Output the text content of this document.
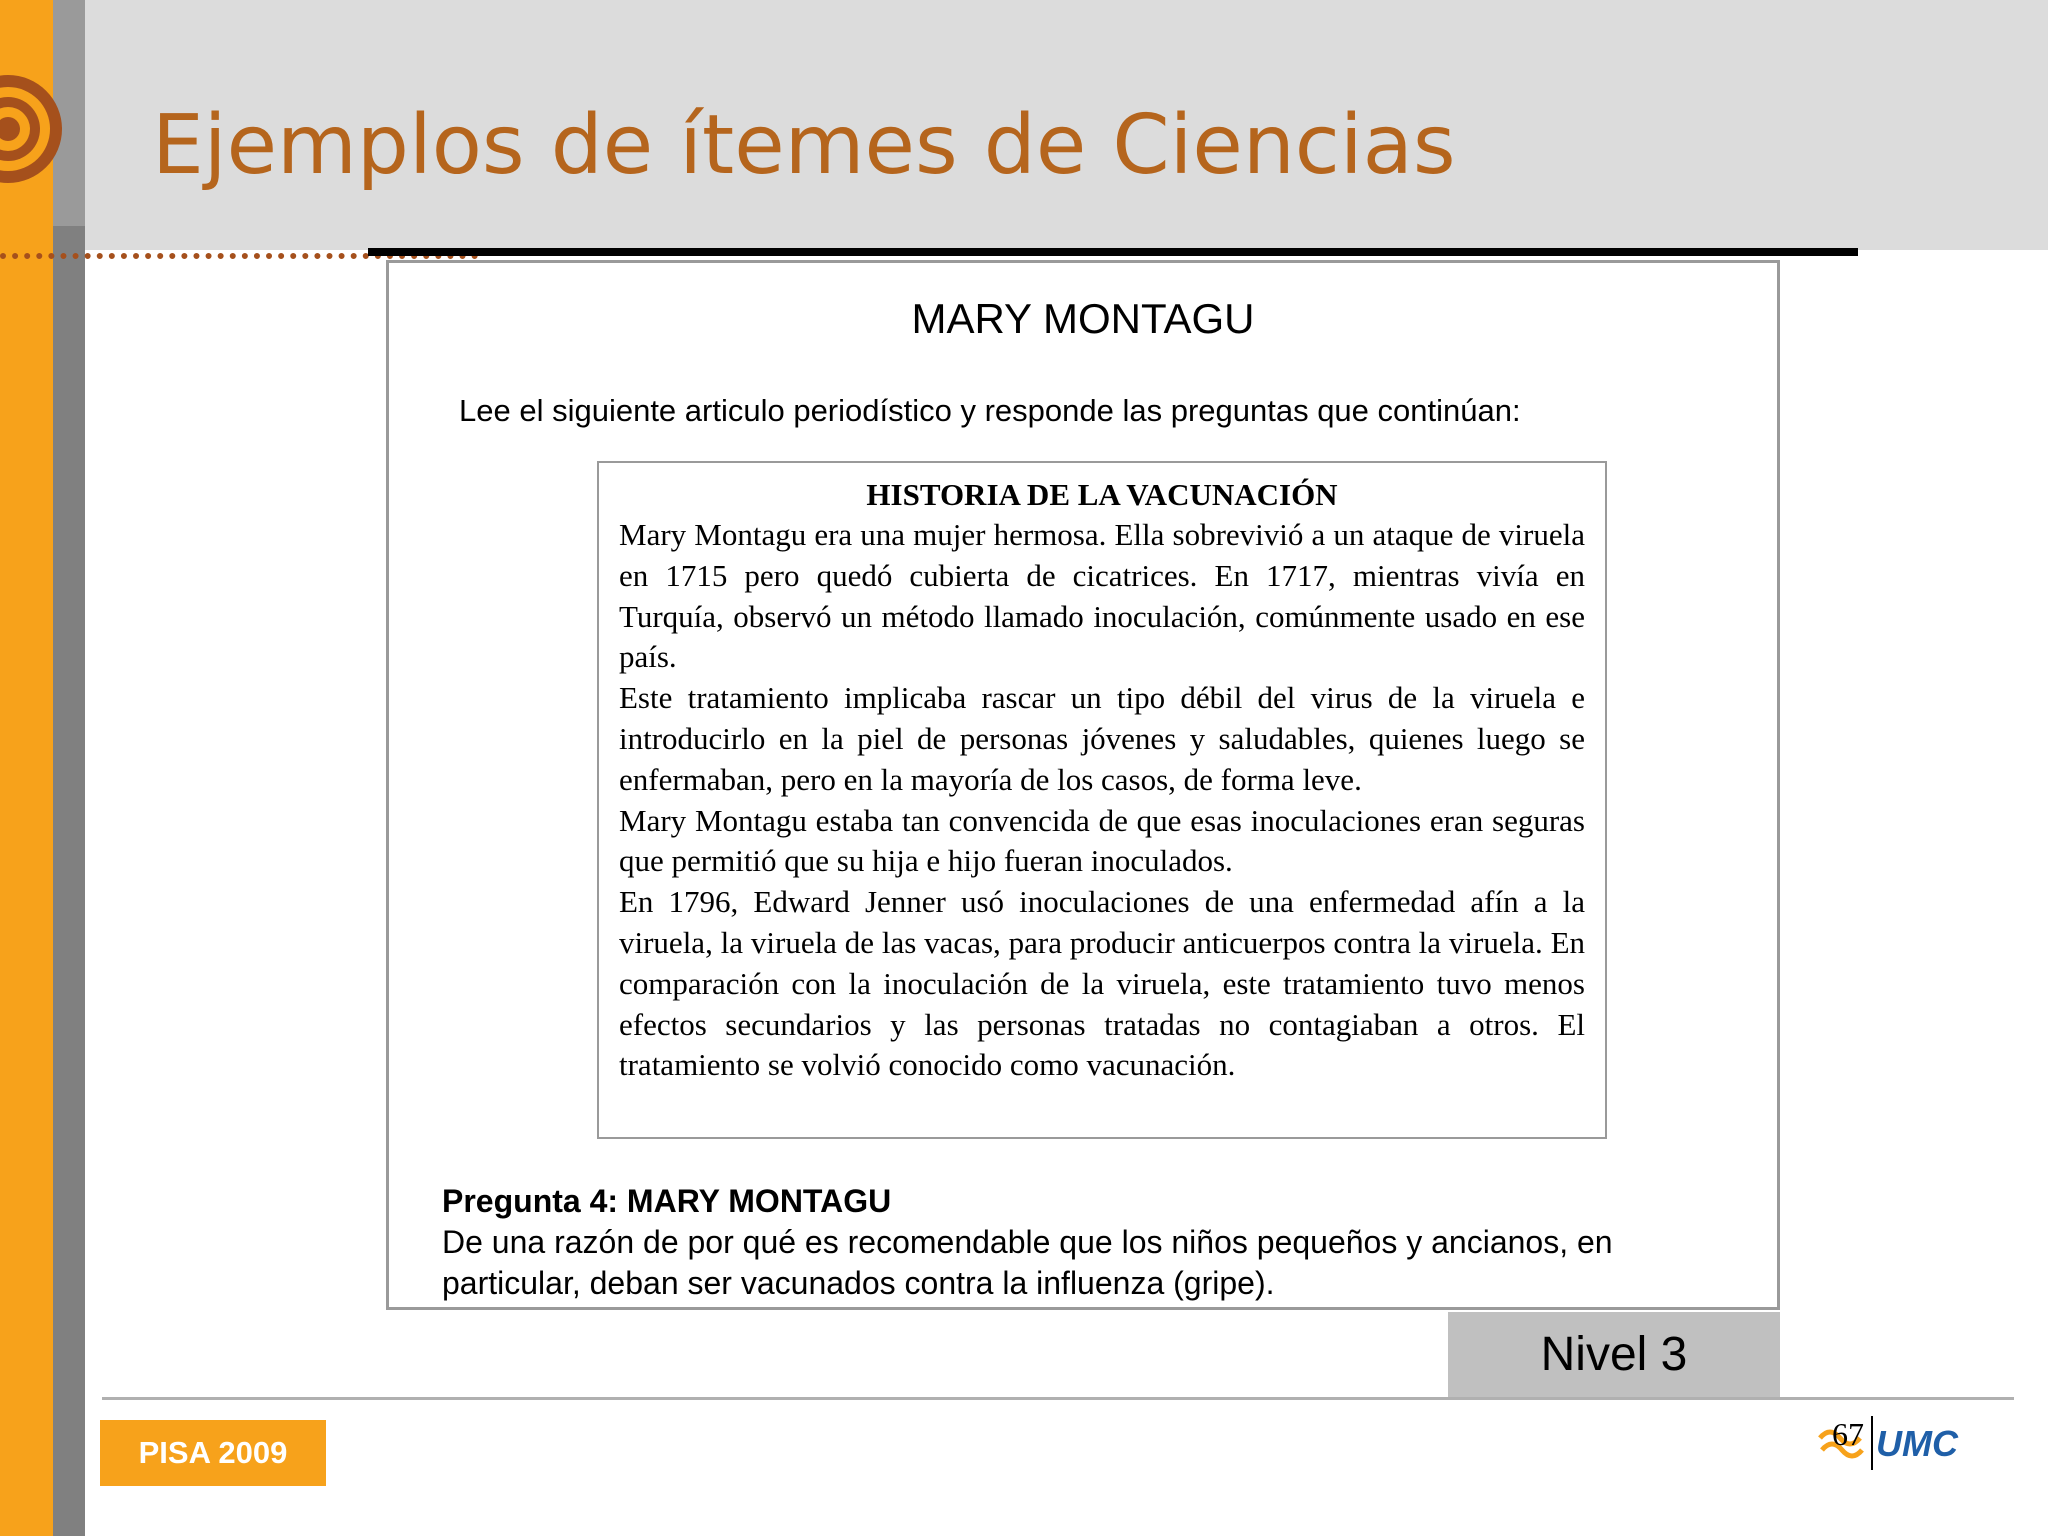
Ejemplos de ítemes de Ciencias
MARY MONTAGU
Lee el siguiente articulo periodístico y responde las preguntas que continúan:
HISTORIA DE LA VACUNACIÓN

Mary Montagu era una mujer hermosa. Ella sobrevivió a un ataque de viruela en 1715 pero quedó cubierta de cicatrices. En 1717, mientras vivía en Turquía, observó un método llamado inoculación, comúnmente usado en ese país.

Este tratamiento implicaba rascar un tipo débil del virus de la viruela e introducirlo en la piel de personas jóvenes y saludables, quienes luego se enfermaban, pero en la mayoría de los casos, de forma leve.

Mary Montagu estaba tan convencida de que esas inoculaciones eran seguras que permitió que su hija e hijo fueran inoculados.

En 1796, Edward Jenner usó inoculaciones de una enfermedad afín a la viruela, la viruela de las vacas, para producir anticuerpos contra la viruela. En comparación con la inoculación de la viruela, este tratamiento tuvo menos efectos secundarios y las personas tratadas no contagiaban a otros. El tratamiento se volvió conocido como vacunación.

Pregunta 4: MARY MONTAGU
De una razón de por qué es recomendable que los niños pequeños y ancianos, en particular, deban ser vacunados contra la influenza (gripe).
Nivel 3
PISA 2009	UMC
67
